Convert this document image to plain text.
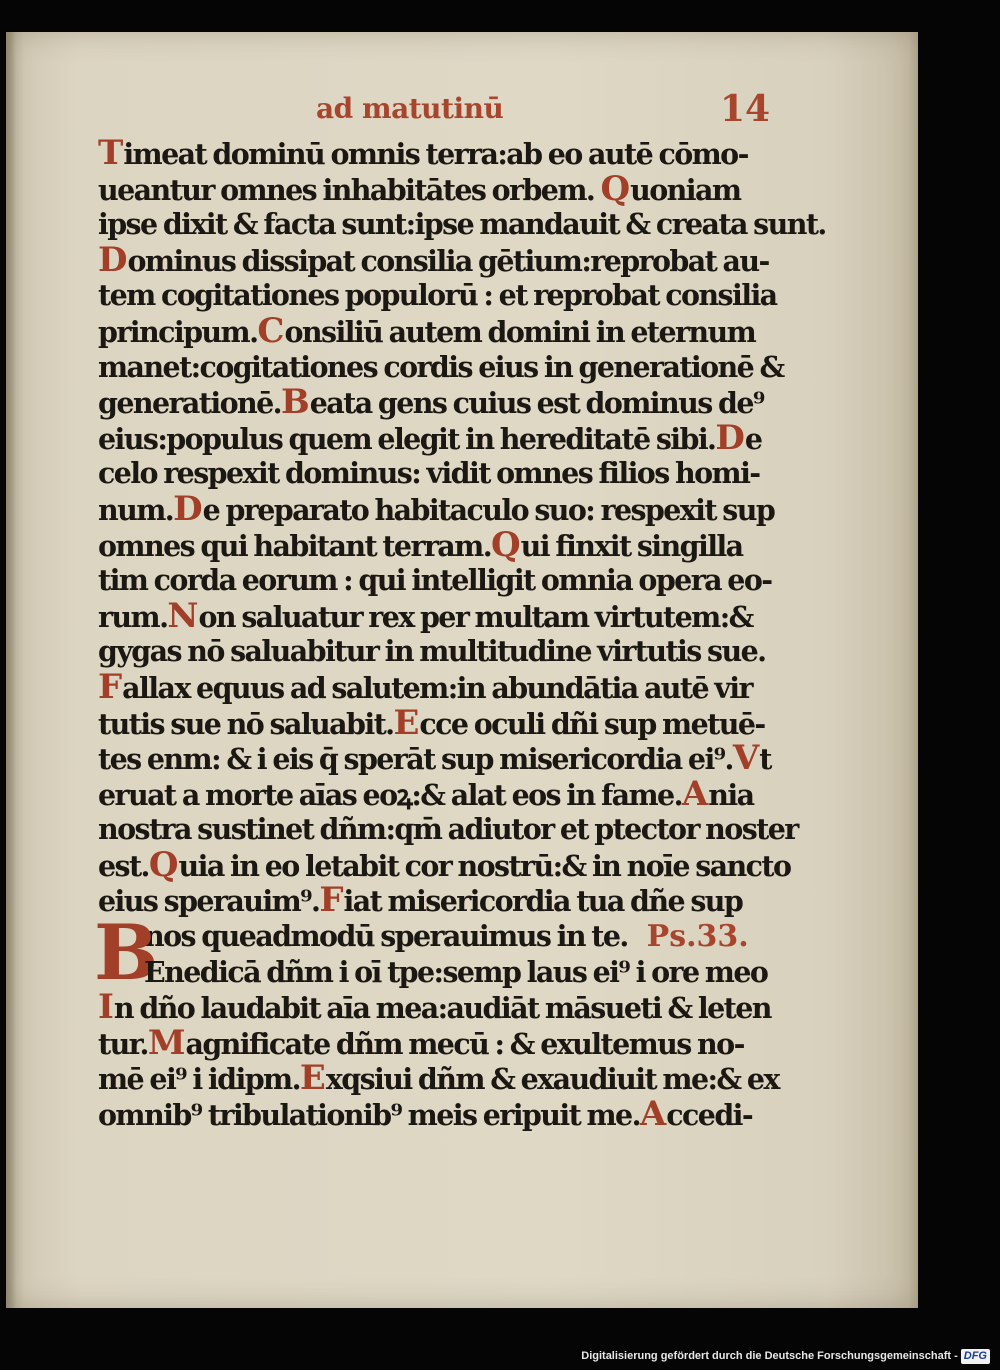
ad matutinū	14
Timeat dominū omnis terra:ab eo autē cōmo-
ueantur omnes inhabitātes orbem. Quoniam
ipse dixit & facta sunt:ipse mandauit & creata sunt.
Dominus dissipat consilia gētium:reprobat au-
tem cogitationes populorū : et reprobat consilia
principum.Consiliū autem domini in eternum
manet:cogitationes cordis eius in generationē &
generationē.Beata gens cuius est dominus de⁹
eius:populus quem elegit in hereditatē sibi.De
celo respexit dominus: vidit omnes filios homi-
num.De preparato habitaculo suo: respexit sup
omnes qui habitant terram.Qui finxit singilla
tim corda eorum : qui intelligit omnia opera eo-
rum.Non saluatur rex per multam virtutem:&
gygas nō saluabitur in multitudine virtutis sue.
Fallax equus ad salutem:in abundātia autē vir
tutis sue nō saluabit.Ecce oculi dñi sup metuē-
tes enm: & i eis q̄ sperāt sup misericordia ei⁹.Vt
eruat a morte aīas eoꝝ:& alat eos in fame.Ania
nostra sustinet dñm:qm̄ adiutor et ptector noster
est.Quia in eo letabit cor nostrū:& in noīe sancto
eius sperauim⁹.Fiat misericordia tua dñe sup
B
nos queadmodū sperauimus in te. Ps.33.
Enedicā dñm i oī tpe:semp laus ei⁹ i ore meo
In dño laudabit aīa mea:audiāt māsueti & leten
tur.Magnificate dñm mecū : & exultemus no-
mē ei⁹ i idipm.Exqsiui dñm & exaudiuit me:& ex
omnib⁹ tribulationib⁹ meis eripuit me.Accedi-
Digitalisierung gefördert durch die Deutsche Forschungsgemeinschaft - DFG
